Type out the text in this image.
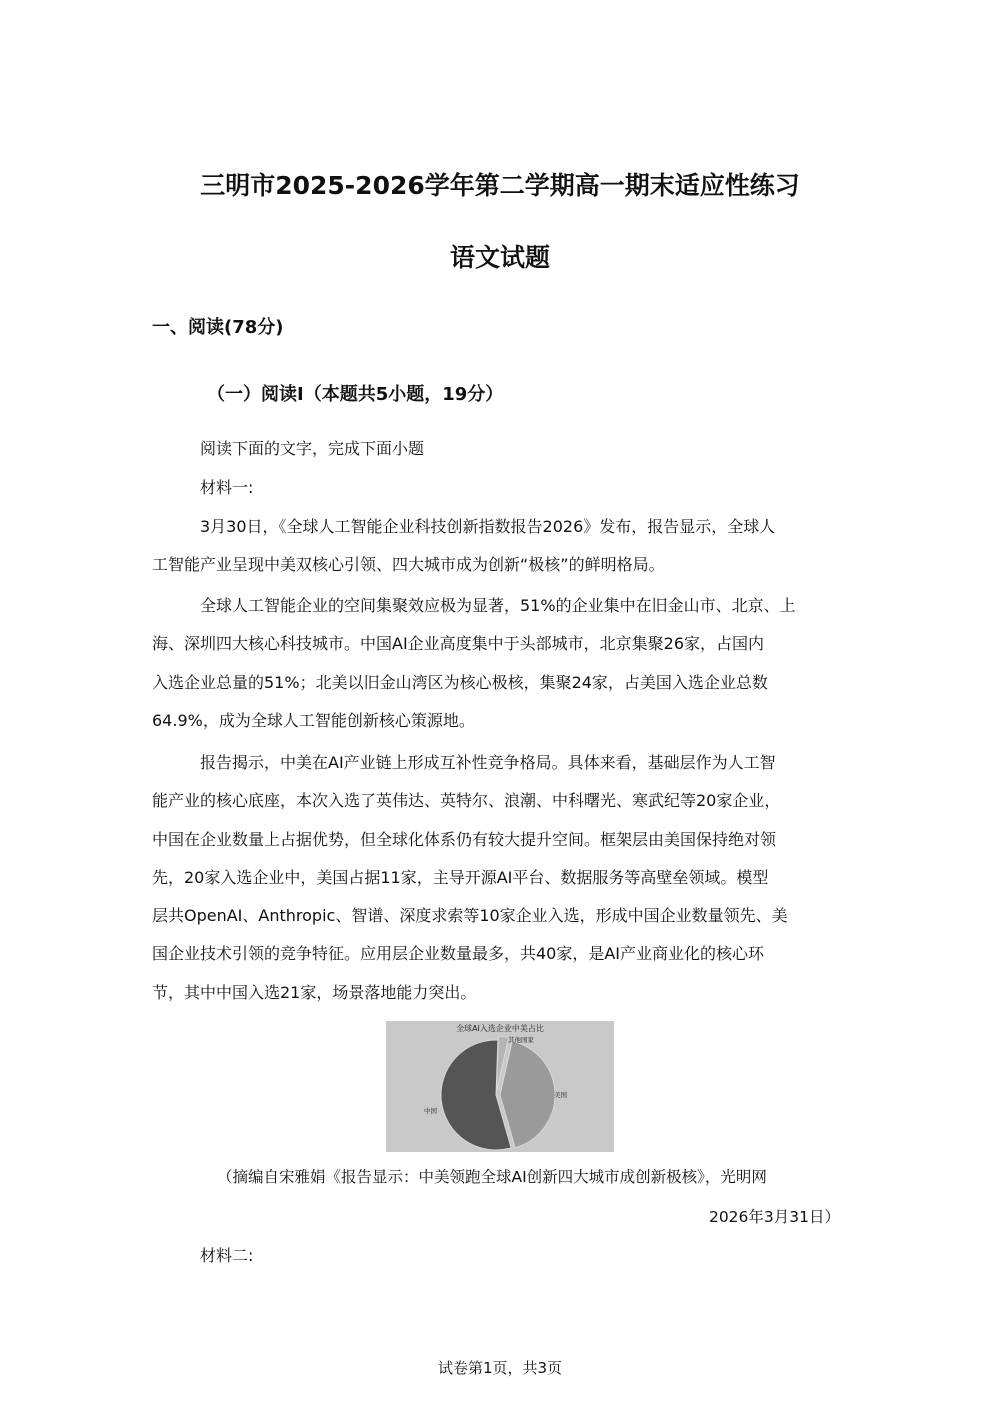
三明市2025-2026学年第二学期高一期末适应性练习
语文试题
一、阅读(78分)
（一）阅读I（本题共5小题，19分）

阅读下面的文字，完成下面小题

材料一:

3月30日，《全球人工智能企业科技创新指数报告2026》发布，报告显示，全球人
工智能产业呈现中美双核心引领、四大城市成为创新“极核”的鲜明格局。
全球人工智能企业的空间集聚效应极为显著，51%的企业集中在旧金山市、北京、上
海、深圳四大核心科技城市。中国AI企业高度集中于头部城市，北京集聚26家，占国内
入选企业总量的51%；北美以旧金山湾区为核心极核，集聚24家，占美国入选企业总数
64.9%，成为全球人工智能创新核心策源地。
报告揭示，中美在AI产业链上形成互补性竞争格局。具体来看，基础层作为人工智
能产业的核心底座，本次入选了英伟达、英特尔、浪潮、中科曙光、寒武纪等20家企业，
中国在企业数量上占据优势，但全球化体系仍有较大提升空间。框架层由美国保持绝对领
先，20家入选企业中，美国占据11家，主导开源AI平台、数据服务等高壁垒领域。模型
层共OpenAI、Anthropic、智谱、深度求索等10家企业入选，形成中国企业数量领先、美
国企业技术引领的竞争特征。应用层企业数量最多，共40家，是AI产业商业化的核心环
节，其中中国入选21家，场景落地能力突出。
全球AI入选企业中美占比
其他国家
美国
中国

（摘编自宋雅娟《报告显示：中美领跑全球AI创新四大城市成创新极核》，光明网

2026年3月31日）

材料二:

试卷第1页，共3页
